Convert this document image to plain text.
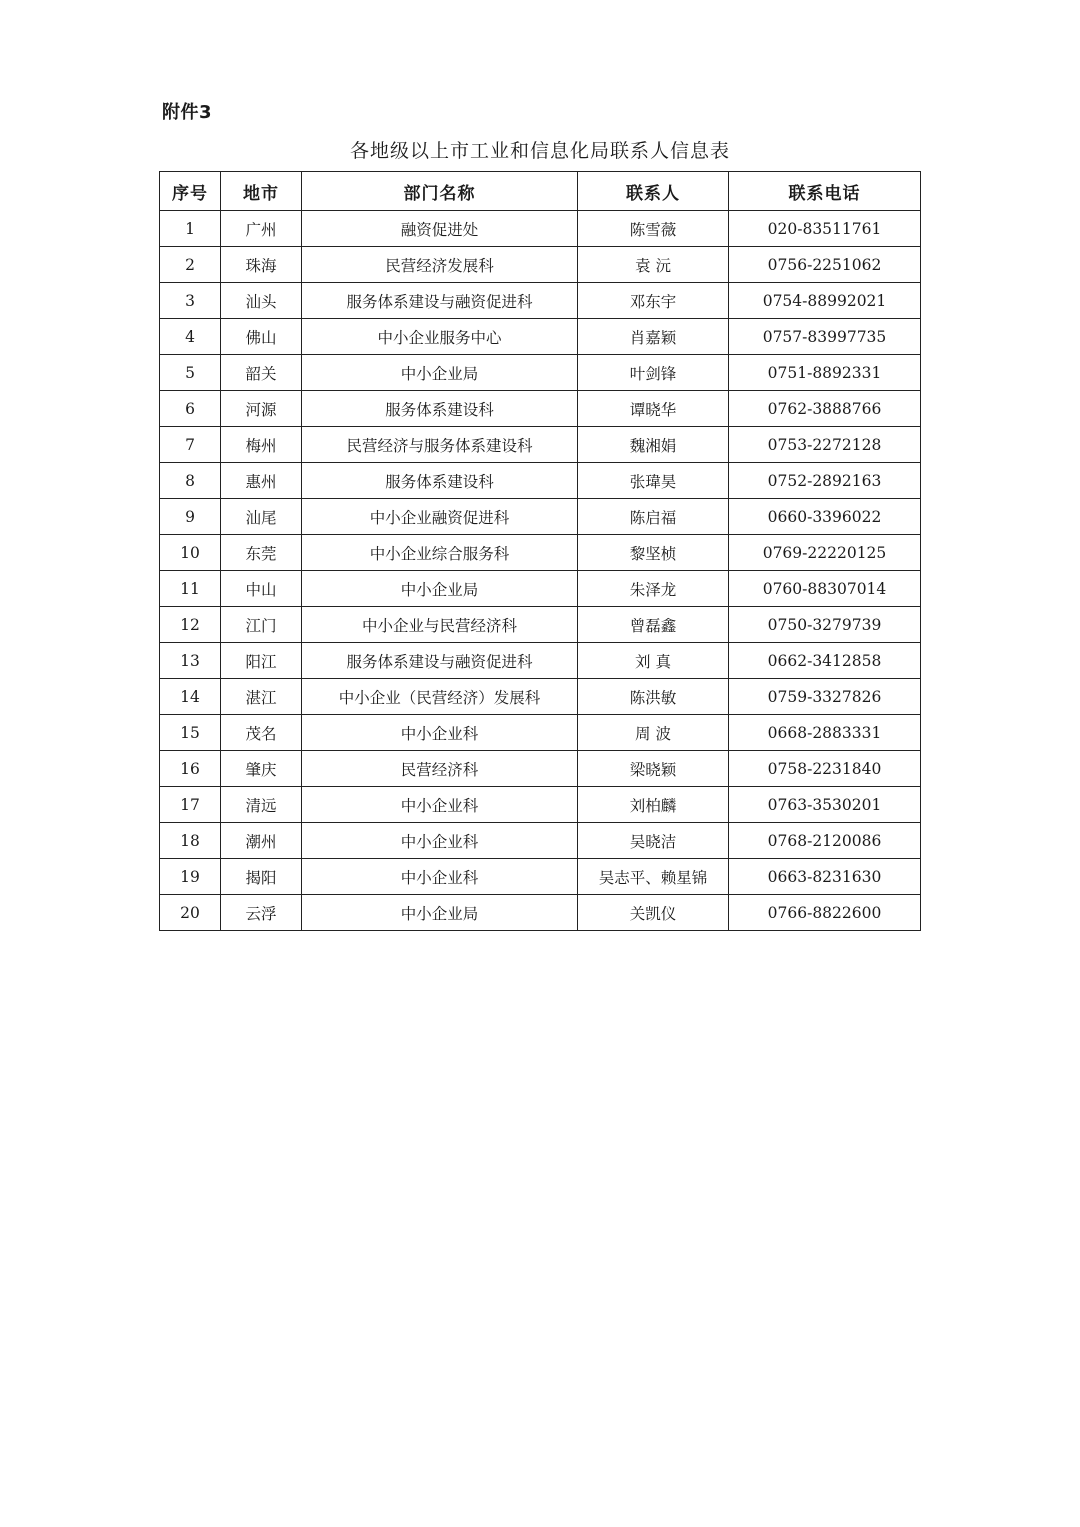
附件3
各地级以上市工业和信息化局联系人信息表
序号	地市	部门名称	联系人	联系电话
1	广州	融资促进处	陈雪薇	020-83511761
2	珠海	民营经济发展科	袁 沅	0756-2251062
3	汕头	服务体系建设与融资促进科	邓东宇	0754-88992021
4	佛山	中小企业服务中心	肖嘉颖	0757-83997735
5	韶关	中小企业局	叶剑锋	0751-8892331
6	河源	服务体系建设科	谭晓华	0762-3888766
7	梅州	民营经济与服务体系建设科	魏湘娟	0753-2272128
8	惠州	服务体系建设科	张瑋昊	0752-2892163
9	汕尾	中小企业融资促进科	陈启福	0660-3396022
10	东莞	中小企业综合服务科	黎坚桢	0769-22220125
11	中山	中小企业局	朱泽龙	0760-88307014
12	江门	中小企业与民营经济科	曾磊鑫	0750-3279739
13	阳江	服务体系建设与融资促进科	刘 真	0662-3412858
14	湛江	中小企业（民营经济）发展科	陈洪敏	0759-3327826
15	茂名	中小企业科	周 波	0668-2883331
16	肇庆	民营经济科	梁晓颖	0758-2231840
17	清远	中小企业科	刘柏麟	0763-3530201
18	潮州	中小企业科	吴晓洁	0768-2120086
19	揭阳	中小企业科	吴志平、赖星锦	0663-8231630
20	云浮	中小企业局	关凯仪	0766-8822600
